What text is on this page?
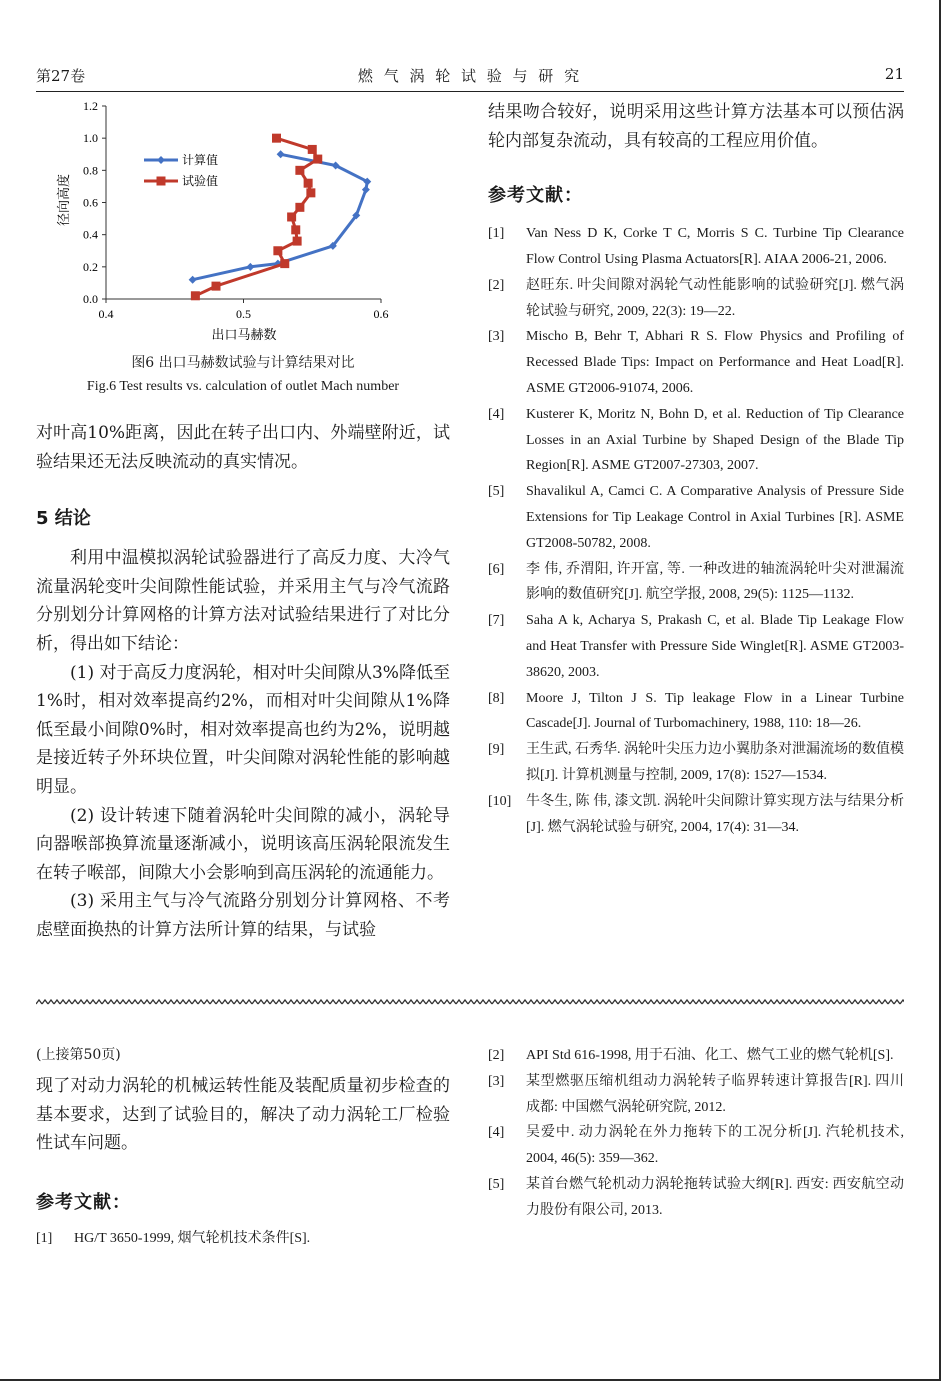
第27卷	燃 气 涡 轮 试 验 与 研 究	21
0.0
0.2
0.4
0.6
0.8
1.0
1.2
0.4	0.5	0.6
计算值
试验值
出口马赫数
径向高度
图6 出口马赫数试验与计算结果对比
Fig.6 Test results vs. calculation of outlet Mach number

对叶高10%距离，因此在转子出口内、外端壁附近，试验结果还无法反映流动的真实情况。

5 结论

利用中温模拟涡轮试验器进行了高反力度、大冷气流量涡轮变叶尖间隙性能试验，并采用主气与冷气流路分别划分计算网格的计算方法对试验结果进行了对比分析，得出如下结论：

(1) 对于高反力度涡轮，相对叶尖间隙从3%降低至1%时，相对效率提高约2%，而相对叶尖间隙从1%降低至最小间隙0%时，相对效率提高也约为2%，说明越是接近转子外环块位置，叶尖间隙对涡轮性能的影响越明显。

(2) 设计转速下随着涡轮叶尖间隙的减小，涡轮导向器喉部换算流量逐渐减小，说明该高压涡轮限流发生在转子喉部，间隙大小会影响到高压涡轮的流通能力。

(3) 采用主气与冷气流路分别划分计算网格、不考虑壁面换热的计算方法所计算的结果，与试验

结果吻合较好，说明采用这些计算方法基本可以预估涡轮内部复杂流动，具有较高的工程应用价值。

参考文献：

[1] Van Ness D K, Corke T C, Morris S C. Turbine Tip Clearance Flow Control Using Plasma Actuators[R]. AIAA 2006-21, 2006.

[2] 赵旺东. 叶尖间隙对涡轮气动性能影响的试验研究[J]. 燃气涡轮试验与研究, 2009, 22(3): 19—22.

[3] Mischo B, Behr T, Abhari R S. Flow Physics and Profiling of Recessed Blade Tips: Impact on Performance and Heat Load[R]. ASME GT2006-91074, 2006.

[4] Kusterer K, Moritz N, Bohn D, et al. Reduction of Tip Clearance Losses in an Axial Turbine by Shaped Design of the Blade Tip Region[R]. ASME GT2007-27303, 2007.

[5] Shavalikul A, Camci C. A Comparative Analysis of Pressure Side Extensions for Tip Leakage Control in Axial Turbines [R]. ASME GT2008-50782, 2008.

[6] 李 伟, 乔渭阳, 许开富, 等. 一种改进的轴流涡轮叶尖对泄漏流影响的数值研究[J]. 航空学报, 2008, 29(5): 1125—1132.

[7] Saha A k, Acharya S, Prakash C, et al. Blade Tip Leakage Flow and Heat Transfer with Pressure Side Winglet[R]. ASME GT2003-38620, 2003.

[8] Moore J, Tilton J S. Tip leakage Flow in a Linear Turbine Cascade[J]. Journal of Turbomachinery, 1988, 110: 18—26.

[9] 王生武, 石秀华. 涡轮叶尖压力边小翼肋条对泄漏流场的数值模拟[J]. 计算机测量与控制, 2009, 17(8): 1527—1534.

[10] 牛冬生, 陈 伟, 漆文凯. 涡轮叶尖间隙计算实现方法与结果分析[J]. 燃气涡轮试验与研究, 2004, 17(4): 31—34.

(上接第50页)

现了对动力涡轮的机械运转性能及装配质量初步检查的基本要求，达到了试验目的，解决了动力涡轮工厂检验性试车问题。

参考文献：

[1] HG/T 3650-1999, 烟气轮机技术条件[S].

[2] API Std 616-1998, 用于石油、化工、燃气工业的燃气轮机[S].

[3] 某型燃驱压缩机组动力涡轮转子临界转速计算报告[R]. 四川 成都: 中国燃气涡轮研究院, 2012.

[4] 吴爱中. 动力涡轮在外力拖转下的工况分析[J]. 汽轮机技术, 2004, 46(5): 359—362.

[5] 某首台燃气轮机动力涡轮拖转试验大纲[R]. 西安: 西安航空动力股份有限公司, 2013.
